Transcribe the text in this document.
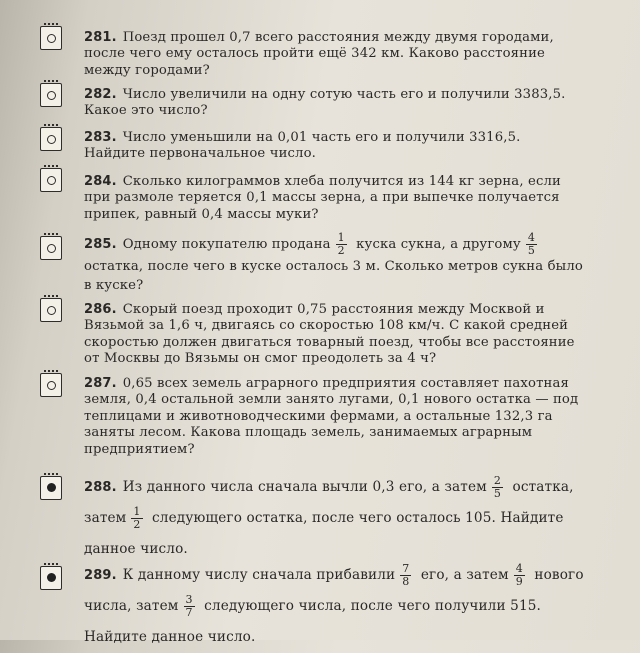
281. Поезд прошел 0,7 всего расстояния между двумя городами, после чего ему осталось пройти ещё 342 км. Каково расстояние между городами?
282. Число увеличили на одну сотую часть его и получили 3383,5. Какое это число?
283. Число уменьшили на 0,01 часть его и получили 3316,5. Найдите первоначальное число.
284. Сколько килограммов хлеба получится из 144 кг зерна, если при размоле теряется 0,1 массы зерна, а при выпечке получается припек, равный 0,4 массы муки?
285. Одному покупателю продана $\frac{1}{2}$ куска сукна, а другому $\frac{4}{5}$
остатка, после чего в куске осталось 3 м. Сколько метров сукна было в куске?
286. Скорый поезд проходит 0,75 расстояния между Москвой и Вязьмой за 1,6 ч, двигаясь со скоростью 108 км/ч. С какой средней скоростью должен двигаться товарный поезд, чтобы все расстояние от Москвы до Вязьмы он смог преодолеть за 4 ч?
287. 0,65 всех земель аграрного предприятия составляет пахотная земля, 0,4 остальной земли занято лугами, 0,1 нового остатка — под теплицами и животноводческими фермами, а остальные 132,3 га заняты лесом. Какова площадь земель, занимаемых аграрным предприятием?
288. Из данного числа сначала вычли 0,3 его, а затем $\frac{2}{5}$ остатка, затем $\frac{1}{2}$ следующего остатка, после чего осталось 105. Найдите данное число.
289. К данному числу сначала прибавили $\frac{7}{8}$ его, а затем $\frac{4}{9}$ нового числа, затем $\frac{3}{7}$ следующего числа, после чего получили 515. Найдите данное число.
